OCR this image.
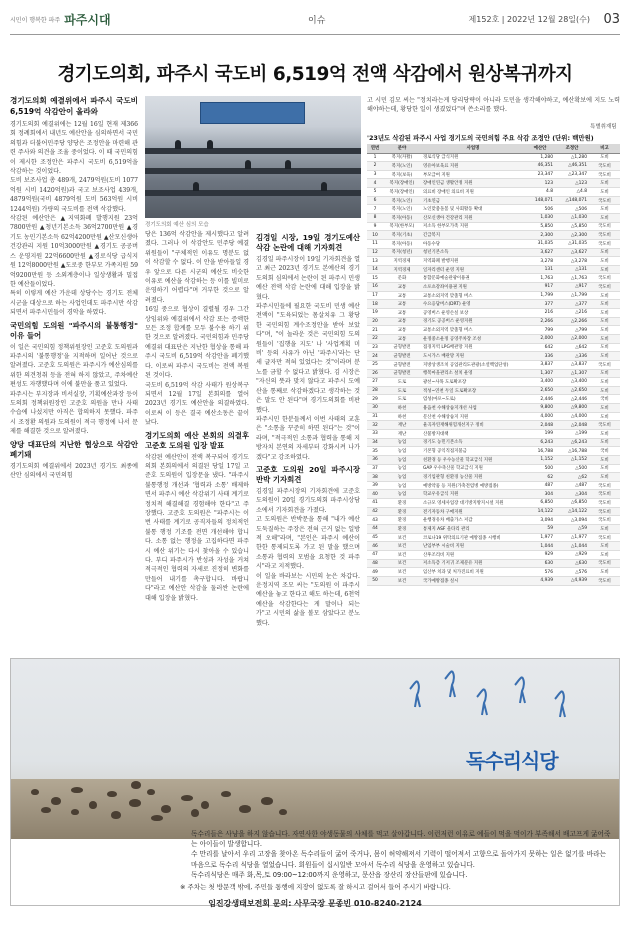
시민이 행복한 파주 파주시대	이슈	제152호 | 2022년 12월 28일(수) 03
경기도의회, 파주시 국도비 6,519억 전액 삭감에서 원상복귀까지
경기도의회 예결위에서 파주시 국도비 6,519억 삭감안이 올라와

경기도의회 예결위에는 12월 16일 현재 제366회 정례회에서 내년도 예산안을 심의하면서 국민의힘과 더불어민주당 양당은 조정안을 마련해 관련 주사와 의견을 조율 중이었다. 이 때 국민의힘이 제시한 조정안은 파주시 국도비 6,519억을 삭감하는 것이었다.

도비 보조사업 총 489개, 2479억원(도비 1077억원 시비 1420억원)과 국고 보조사업 439개, 4879억원(국비 4879억원 도비 563억원 시비 1244억원) 가량의 국도비를 전액 삭감했다.

삭감된 예산안은 ▲지역화폐 발행지원 23억7800만원 ▲청년기본소득 36억2700만원 ▲경기도 농민기본소득 62억4200만원 ▲산모신생아 건강관리 지원 10억3000만원 ▲경기도 공공버스 운영지원 22억6600만원 ▲경로식당 급식지원 12억8000만원 ▲도로중 한부모 가족지원 59억9200만원 등 소외계층이나 일상생활과 밀접한 예산들이었다.

특히 이렇게 예산 가운데 상당수는 경기도 전체 시군을 대상으로 하는 사업인데도 파주시만 삭감되면서 파주시민들이 경악을 하였다.

국민의힘 도의원 "파주시의 불통행정" 이유 들어

이 일은 국민의힘 정책위원장인 고준호 도의원과 파주시의 '불통행정'을 지적하며 일어난 것으로 알려졌다. 고준호 도의원은 파주시가 예산심의를 위한 의견청취 등을 전혀 하지 않았고, 주차예산 편성도 자행했다며 이에 불만을 품고 있었다.

파주시는 부지장과 비서실장, 기획예산과장 등이 도의회 정책위원장인 고준호 의원을 만나 사태 수습에 나섰지만 아직은 합의하지 못했다. 파주시 조정환 의원과 도의원이 적극 행정에 나서 문제를 해결한 것으로 알려졌다.

양당 대표단의 지난한 협상으로 삭감안 폐기돼

경기도의회 예결위에서 2023년 경기도 최종예산안 심의에서 국민의힘

경기도의회 예산 심의 모습

당은 136억 삭감안을 제시했다고 알려졌다. 그러나 이 삭감안도 민주당 예결위원들이 "구체적인 이유도 명분도 없이 삭감할 수 없다. 이 안을 받아들일 경우 앞으로 다른 시군의 예산도 비슷한 이유로 예산을 삭감하는 등 이를 빌미로 운영하기 어렵다"며 거부한 것으로 알려졌다.

16일 중으로 협상이 결렬될 경우 그간 상임위와 예결위에서 삭감 또는 증액한 모든 조정 합계를 모두 불수용 하기 위한 것으로 알려졌다. 국민의힘과 민주당 예결위 대표단은 지난한 협상을 통해 파주시 국도비 6,519억 삭감안을 폐기했다. 이로써 파주시 국도비는 전액 복원된 것이다.

국도비 6,519억 삭감 사태가 원상복구 되면서 12월 17일 본회의를 열어 2023년 경기도 예산안을 의결하였다. 이로써 이 등은 결국 예산소동은 끝이 났다.

경기도의회 예산 본회의 의결후 고준호 도의원 입장 발표

삭감된 예산안이 전액 복구되어 경기도의회 본회의에서 의결된 당일 17일 고준호 도의원이 입장문을 냈다. "파주시 불통행정 개선과 '협력과 소통' 배제하면서 파주시 예산 삭감위기 사태 계기로 정치적 해결해결 경험해야 한다"고 주장했다. 고준호 도의원은 "파주시는 이번 사태를 계기로 공직자들의 정치적인 불통 행정 기조를 전면 개선해야 합니다. 소통 없는 행정을 고집하다면 파주시 예산 위기는 다시 찾아올 수 있습니다. 부디 파주시가 반성과 자성을 거쳐 적극적인 협력의 자세로 진정히 변화를 만들어 내기를 촉구합니다. 바랍니다"라고 예산안 삭감을 둘러싼 논란에 대해 입장을 밝혔다.

김경일 시장, 19일 경기도예산 삭감 논란에 대해 기자회견

김경일 파주시장이 19일 기자회견을 열고 최근 2023년 경기도 본예산의 경기도의회 심의에서 논란이 된 파주시 민생예산 전액 삭감 논란에 대해 입장을 밝혔다.

파주시민들에 필요한 국도비 민생 예산 전액이 "도육되었는 몸살치유 그 황당한 국민의힘 계수조정안을 받아 보았다"며, "이 놀라운 것은 국민의힘 도의원들이 '집행을 지도' 나 '사업계획 미비' 등의 사유가 아닌 '파주시'라는 단 세 글자만 적혀 있었다는 것"이라며 분노를 금할 수 없다고 밝혔다. 김 시장은 "자신의 뜻과 맞지 않다고 파주시 도예산을 통째로 삭감하겠다고 생각하는 것은 말도 안 된다"며 경기도의회를 비판했다.

파주시민 한분들께서 이번 사태의 교훈은 "소통을 꾸준히 하면 된다"는 것"이라며, "적극적인 소통과 협력을 통해 지방자치 본연의 자세부터 강화시켜 나가겠다"고 강조하였다.

고준호 도의원 20일 파주시장 반박 기자회견

김경일 파주시장의 기자회견에 고준호 도의원이 20일 경기도의회 파주시상담소에서 기자회견을 가졌다.

고 도의원은 반박문을 통해 "내가 예산 도둑질하는 주장은 전혀 근거 없는 일방적 오해"라며, "본인은 파주시 예산이 한한 통제되도록 가고 된 말을 했으며 소통과 협력의 모범을 요청한 것 파주시"라고 지적했다.

이 일을 바라보는 시민의 눈은 차갑다. 운정지역 조모 씨는 "도의원 이 파주시 예산을 놓고 한다고 해도 하는데, 6천억 예산을 삭감한다는 게 말이나 되는가"고 시민의 삶을 볼모 삼았다고 분노했다.

고 시민 김모 씨는 "정치라는게 당리당략이 아니라 도민을 생각해야하고, 예산확보에 지도 노력해야하는데, 황당한 일이 생겼었다"며 쓴소리를 했다.

특별취재팀
'23년도 삭감된 파주시 사업 경기도의 국민의힘 주요 삭감 조정안 (단위: 백만원)
연번	분야	사업명	예산안	조정안	비고
1	복지(자활)	경로식당 급식지원	1,280	△1,280	도비
2	복지(노인)	영유아보육료 지원	46,351	△46,351	국도비
3	복지(보육)	부모급여 지원	23,347	△23,347	국도비
4	복지(장애인)	장애인연금 생활안정 지원	123	△123	도비
5	복지(장애인)	의료비 장애인 의료비 지원	4.8	△4.8	도비
6	복지(노인)	기초연금	148,071	△148,071	국도비
7	복지(노인)	노인맞춤돌봄 및 사회활동 확대	506	△506	도비
8	복지(아동)	산모신생아 건강관리 지원	1,030	△1,030	도비
9	복지(한부모)	저소득 한부모가족 지원	5,850	△5,850	국도비
10	복지(기초)	긴급복지	2,300	△2,300	국도비
11	복지(아동)	아동수당	31,035	△31,035	국도비
12	복지(청년)	청년기본소득	3,627	△3,627	도비
13	지역경제	지역화폐 발행지원	3,278	△3,278	도비
14	지역경제	일자리센터 운영 지원	131	△131	도비
15	문화	통합문화예술관광이용권	1,763	△1,763	국도비
16	교통	소포츠강좌이용권 지원	917	△917	국도비
17	교통	교통소외지역 맞춤형 버스	1,799	△1,799	도비
18	교통	수요응답버스(DRT) 운영	377	△377	도비
19	교통	공영버스 운영손실 보상	216	△216	도비
20	교통	경기도 공공버스 운영지원	2,266	△2,266	도비
21	교통	교통소외지역 맞춤형 버스	799	△799	도비
22	교통	운정중소운정 공영주차장 조성	2,000	△2,000	도비
23	균형발전	접경지역 LPG배관망 지원	642	△642	도비
24	균형발전	도시가스 배관망 지원	336	△336	도비
25	균형발전	지방상생조치 공업관리도관광(소셜백업단성)	3,837	△3,837	국도비
26	균형발전	행복마을관리소 설치 운영	1,307	△1,307	도비
27	도로	광선~사목 도로확포장	3,400	△3,400	도비
28	도로	적성~연천 두일 도로확포장	2,650	△2,650	도비
29	도로	염성(마포~도로)	2,446	△2,446	국비
30	하천	용읍천 수해상습지개선 사업	9,800	△9,800	도비
31	하천	문산천 수해상습지 지원	4,000	△4,000	도비
32	재난	율곡자연재해위험개선지구 정비	2,048	△2,048	국도비
33	재난	산불방지대책	199	△199	도비
34	농업	경기도 농민기본소득	6,243	△6,243	도비
35	농업	기본형 공익직접지불금	16,788	△16,788	국비
36	농업	친환경 등 우수농산물 학교급식 지원	1,152	△1,152	도비
37	농업	GAP 우수축산물 학교급식 지원	500	△500	도비
38	농업	경기입관형 친환경 농산물 지원	62	△62	도비
39	농업	예방약품 등 지원(가축전염병 예방접종)	487	△487	국도비
40	농업	학교우유급식 지원	304	△304	국도비
41	환경	소규모 영세사업장 대기방지방지시설 지원	6,850	△6,850	국도비
42	환경	전기자동차 구매지원	14,122	△14,122	국도비
43	환경	운행경유차 배출가스 저감	3,094	△3,094	국도비
44	환경	통제지 ASF 울타리 관리	59	△59	도비
45	보건	코로나19 위탁의료기관 예방접종 시행비	1,977	△1,977	국도비
46	보건	난임부부 시술비 지원	1,044	△1,044	도비
47	보건	산후조리비 지원	929	△929	도비
48	보건	저소득층 기저귀 조제분유 지원	630	△630	국도비
49	보건	임산부 치과 및 처가진료비 지원	576	△576	도비
50	보건	국가예방접종 실시	4,939	△4,939	국도비
독수리식당

독수리들은 사냥을 하지 않습니다. 자연사한 야생동물의 사체를 먹고 살아갑니다. 이런저런 이유로 예들이 먹을 먹이가 부족해서 배고프게 굶어죽는 아이들이 발생합니다.

수 만리를 날아서 우리 고장을 찾아온 독수리들이 굶어 죽거나, 몸이 허약해져서 기력이 떨어져서 고향으로 돌아가지 못하는 일은 없기를 바라는 마음으로 독수리 식당을 열었습니다. 회원들이 십시일반 모아서 독수리 식당을 운영하고 있습니다.

독수리식당은 매주 화,목,토 09:00~12:00까지 운영하고, 문산읍 장산리 장산들판에 있습니다.

※ 주차는 첫 방문객 밖에, 주민들 통행에 지장이 없도록 잘 하시고 걸어서 들어 주시기 바랍니다.
임진강생태보전회 문의: 사무국장 문종빈 010-8240-2124
